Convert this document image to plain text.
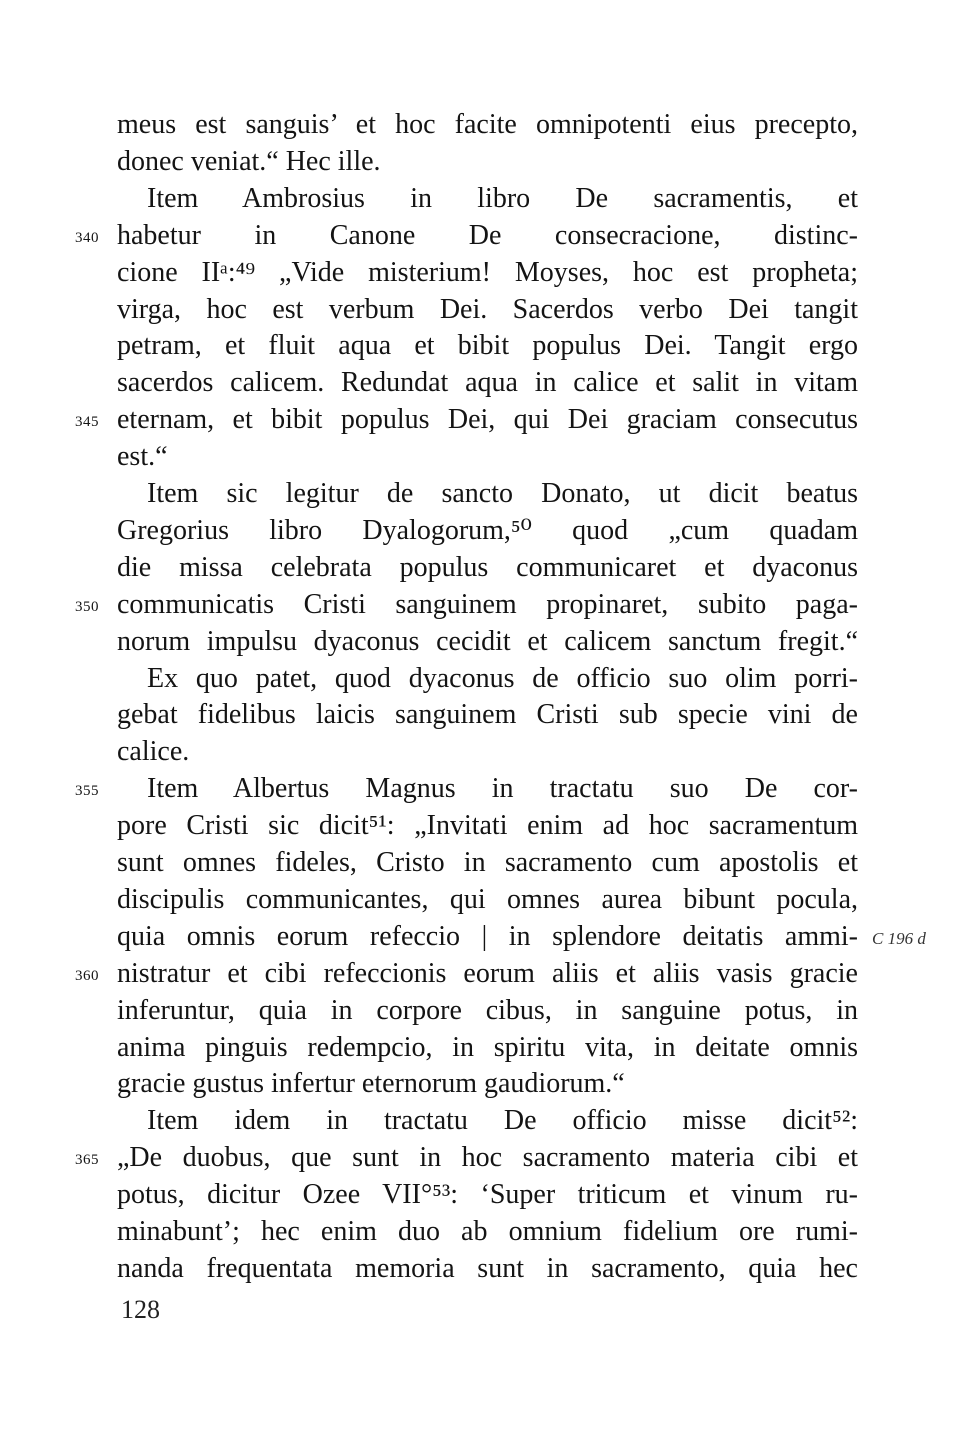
meus est sanguis’ et hoc facite omnipotenti eius precepto,
donec veniat.“ Hec ille.
Item Ambrosius in libro De sacramentis, et
habetur in Canone De consecracione, distinc-
cione IIᵃ:⁴⁹ „Vide misterium! Moyses, hoc est propheta;
virga, hoc est verbum Dei. Sacerdos verbo Dei tangit
petram, et fluit aqua et bibit populus Dei. Tangit ergo
sacerdos calicem. Redundat aqua in calice et salit in vitam
eternam, et bibit populus Dei, qui Dei graciam consecutus
est.“
Item sic legitur de sancto Donato, ut dicit beatus
Gregorius libro Dyalogorum,⁵⁰ quod „cum quadam
die missa celebrata populus communicaret et dyaconus
communicatis Cristi sanguinem propinaret, subito paga-
norum impulsu dyaconus cecidit et calicem sanctum fregit.“
Ex quo patet, quod dyaconus de officio suo olim porri-
gebat fidelibus laicis sanguinem Cristi sub specie vini de
calice.
Item Albertus Magnus in tractatu suo De cor-
pore Cristi sic dicit⁵¹: „Invitati enim ad hoc sacramentum
sunt omnes fideles, Cristo in sacramento cum apostolis et
discipulis communicantes, qui omnes aurea bibunt pocula,
quia omnis eorum refeccio | in splendore deitatis ammi-
nistratur et cibi refeccionis eorum aliis et aliis vasis gracie
inferuntur, quia in corpore cibus, in sanguine potus, in
anima pinguis redempcio, in spiritu vita, in deitate omnis
gracie gustus infertur eternorum gaudiorum.“
Item idem in tractatu De officio misse dicit⁵²:
„De duobus, que sunt in hoc sacramento materia cibi et
potus, dicitur Ozee VII°⁵³: ‘Super triticum et vinum ru-
minabunt’; hec enim duo ab omnium fidelium ore rumi-
nanda frequentata memoria sunt in sacramento, quia hec
340
345
350
355
360
365
C 196 d
128
